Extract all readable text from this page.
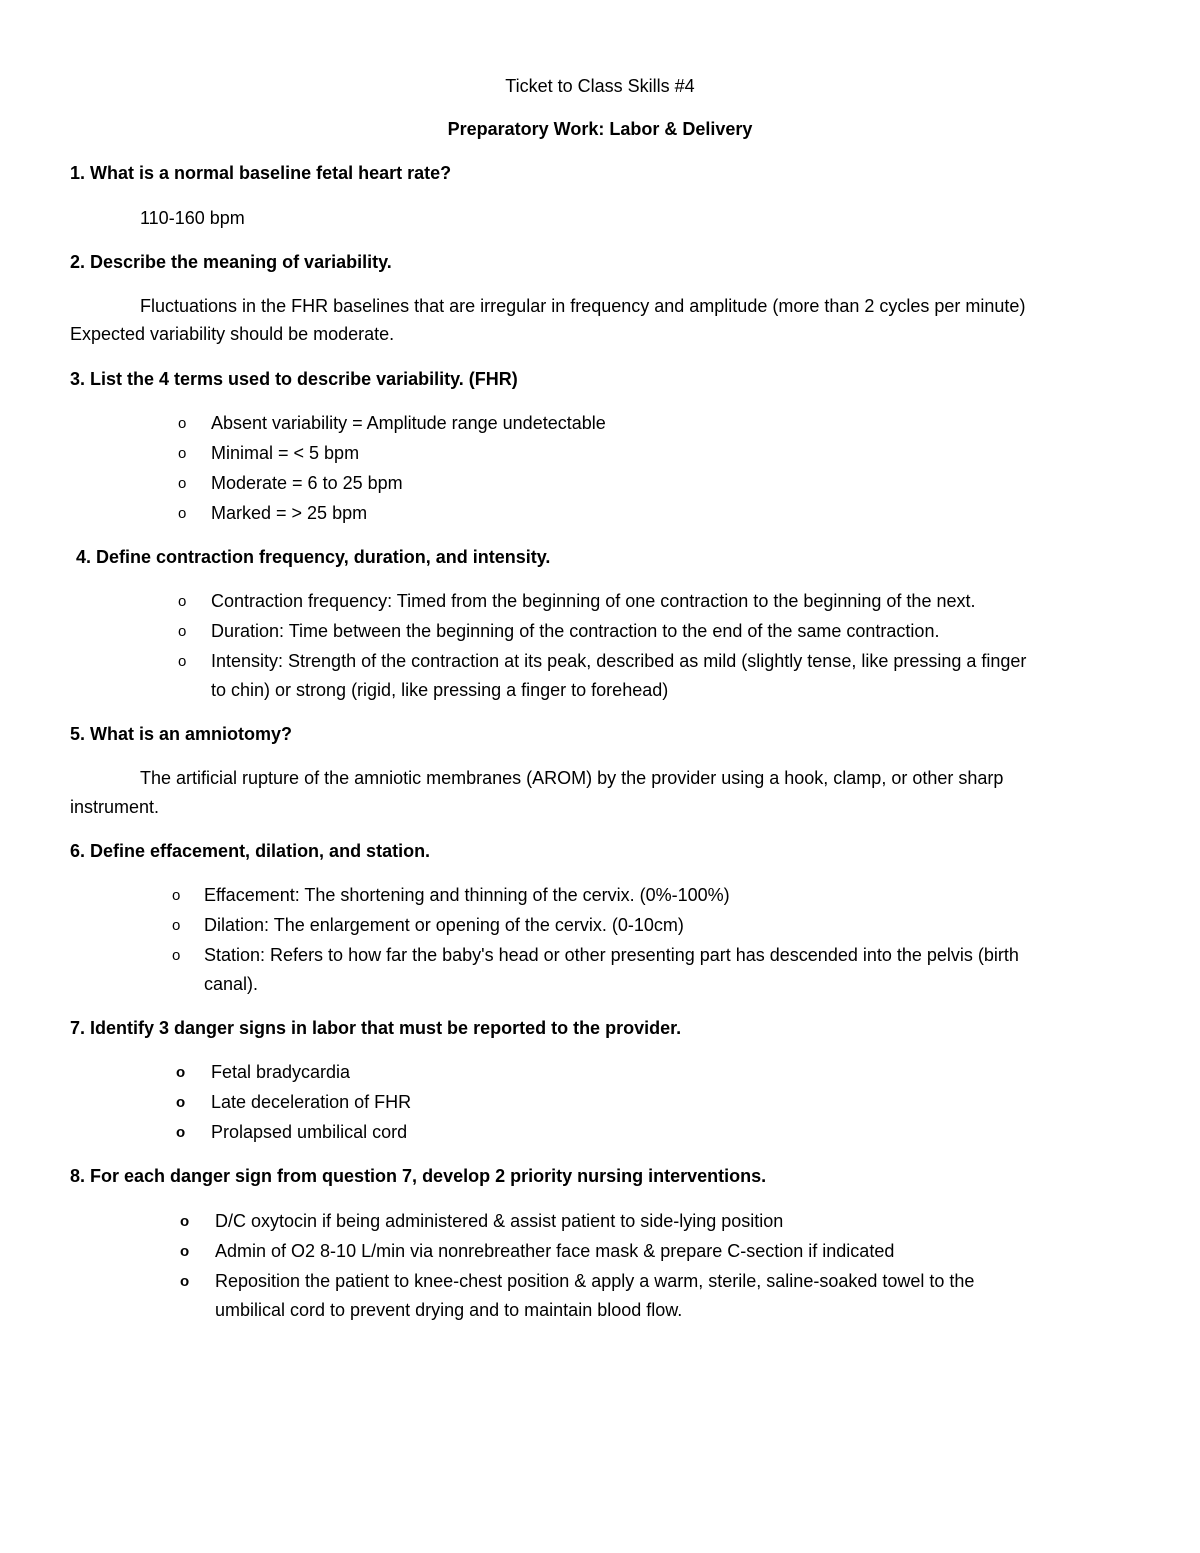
Ticket to Class Skills #4
Preparatory Work: Labor & Delivery
1. What is a normal baseline fetal heart rate?
110-160 bpm
2. Describe the meaning of variability.
Fluctuations in the FHR baselines that are irregular in frequency and amplitude (more than 2 cycles per minute)
Expected variability should be moderate.
3. List the 4 terms used to describe variability. (FHR)
o Absent variability = Amplitude range undetectable
o Minimal = < 5 bpm
o Moderate = 6 to 25 bpm
o Marked = > 25 bpm
4. Define contraction frequency, duration, and intensity.
o Contraction frequency: Timed from the beginning of one contraction to the beginning of the next.
o Duration: Time between the beginning of the contraction to the end of the same contraction.
o Intensity: Strength of the contraction at its peak, described as mild (slightly tense, like pressing a finger
to chin) or strong (rigid, like pressing a finger to forehead)
5. What is an amniotomy?
The artificial rupture of the amniotic membranes (AROM) by the provider using a hook, clamp, or other sharp
instrument.
6. Define effacement, dilation, and station.
o Effacement: The shortening and thinning of the cervix. (0%-100%)
o Dilation: The enlargement or opening of the cervix. (0-10cm)
o Station: Refers to how far the baby's head or other presenting part has descended into the pelvis (birth
canal).
7. Identify 3 danger signs in labor that must be reported to the provider.
o Fetal bradycardia
o Late deceleration of FHR
o Prolapsed umbilical cord
8. For each danger sign from question 7, develop 2 priority nursing interventions.
o D/C oxytocin if being administered & assist patient to side-lying position
o Admin of O2 8-10 L/min via nonrebreather face mask & prepare C-section if indicated
o Reposition the patient to knee-chest position & apply a warm, sterile, saline-soaked towel to the
umbilical cord to prevent drying and to maintain blood flow.
